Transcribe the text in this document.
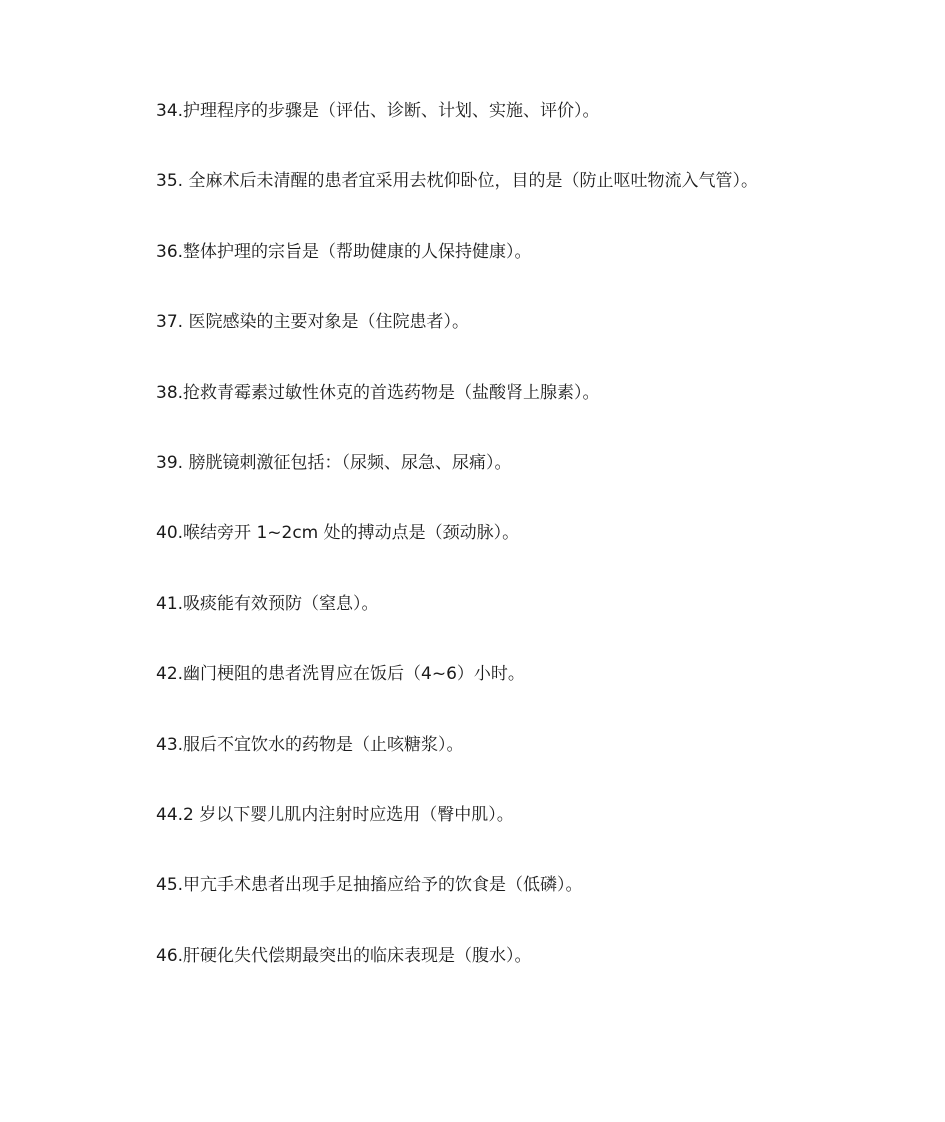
34.护理程序的步骤是（评估、诊断、计划、实施、评价）。
35. 全麻术后未清醒的患者宜采用去枕仰卧位，目的是（防止呕吐物流入气管）。
36.整体护理的宗旨是（帮助健康的人保持健康）。
37. 医院感染的主要对象是（住院患者）。
38.抢救青霉素过敏性休克的首选药物是（盐酸肾上腺素）。
39. 膀胱镜刺激征包括：（尿频、尿急、尿痛）。
40.喉结旁开 1~2cm 处的搏动点是（颈动脉）。
41.吸痰能有效预防（窒息）。
42.幽门梗阻的患者洗胃应在饭后（4~6）小时。
43.服后不宜饮水的药物是（止咳糖浆）。
44.2 岁以下婴儿肌内注射时应选用（臀中肌）。
45.甲亢手术患者出现手足抽搐应给予的饮食是（低磷）。
46.肝硬化失代偿期最突出的临床表现是（腹水）。
